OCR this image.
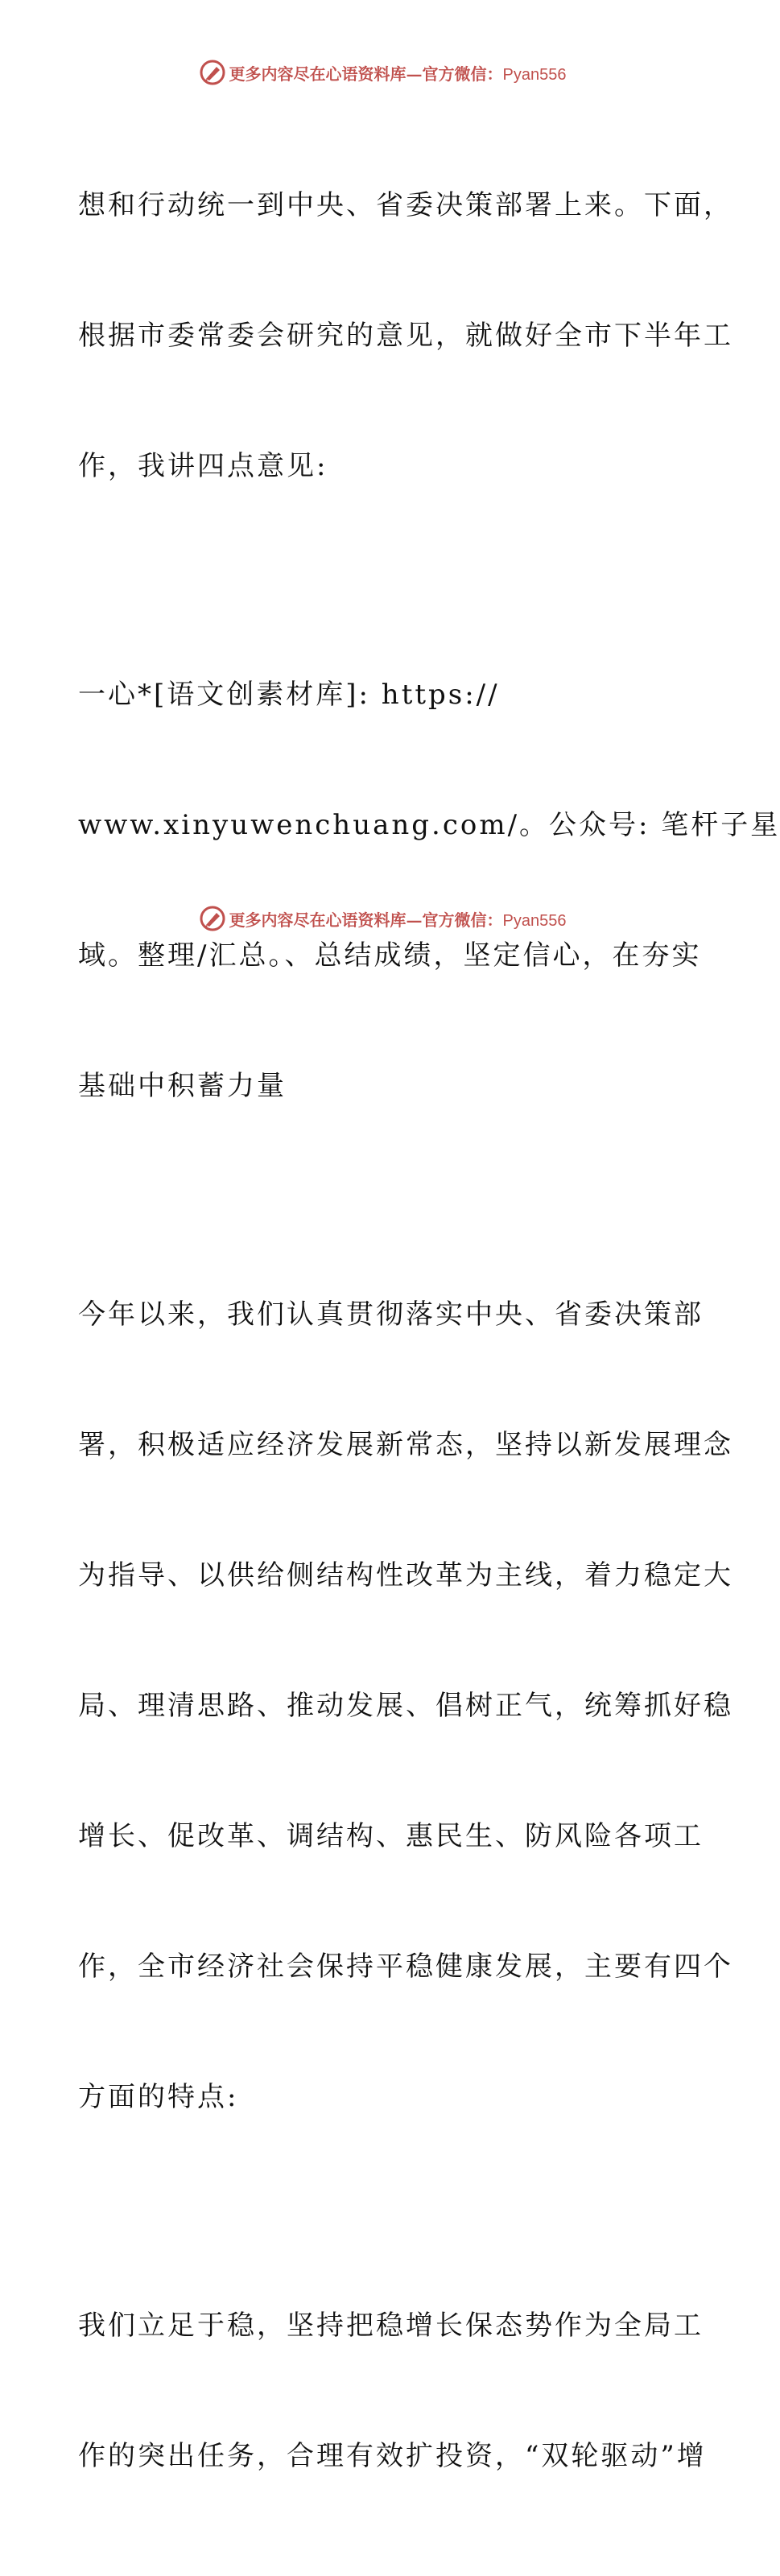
更多内容尽在心语资料库—官方微信：Pyan556

想和行动统一到中央、省委决策部署上来。下面，

根据市委常委会研究的意见，就做好全市下半年工

作，我讲四点意见:

一心*[语文创素材库]: https://

www.xinyuwenchuang.com/。公众号: 笔杆子星

域。整理/汇总。、总结成绩，坚定信心，在夯实

基础中积蓄力量

今年以来，我们认真贯彻落实中央、省委决策部

署，积极适应经济发展新常态，坚持以新发展理念

为指导、以供给侧结构性改革为主线，着力稳定大

局、理清思路、推动发展、倡树正气，统筹抓好稳

增长、促改革、调结构、惠民生、防风险各项工

作，全市经济社会保持平稳健康发展，主要有四个

方面的特点:

我们立足于稳，坚持把稳增长保态势作为全局工

作的突出任务，合理有效扩投资，“双轮驱动”增

更多内容尽在心语资料库—官方微信：Pyan556
